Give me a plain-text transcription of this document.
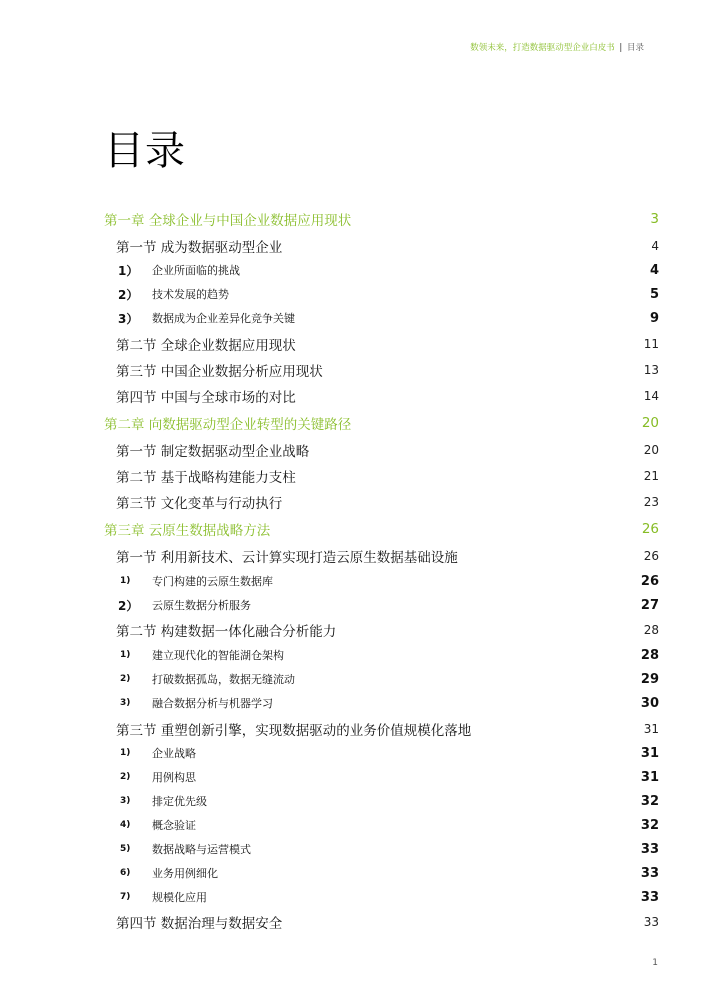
数领未来，打造数据驱动型企业白皮书 | 目录
目录
第一章 全球企业与中国企业数据应用现状	3
第一节 成为数据驱动型企业	4
1） 企业所面临的挑战	4
2） 技术发展的趋势	5
3） 数据成为企业差异化竞争关键	9
第二节 全球企业数据应用现状	11
第三节 中国企业数据分析应用现状	13
第四节 中国与全球市场的对比	14
第二章 向数据驱动型企业转型的关键路径	20
第一节 制定数据驱动型企业战略	20
第二节 基于战略构建能力支柱	21
第三节 文化变革与行动执行	23
第三章 云原生数据战略方法	26
第一节 利用新技术、云计算实现打造云原生数据基础设施	26
1) 专门构建的云原生数据库	26
2） 云原生数据分析服务	27
第二节 构建数据一体化融合分析能力	28
1) 建立现代化的智能湖仓架构	28
2) 打破数据孤岛，数据无缝流动	29
3) 融合数据分析与机器学习	30
第三节 重塑创新引擎，实现数据驱动的业务价值规模化落地	31
1) 企业战略	31
2) 用例构思	31
3) 排定优先级	32
4) 概念验证	32
5) 数据战略与运营模式	33
6) 业务用例细化	33
7) 规模化应用	33
第四节 数据治理与数据安全	33
1
